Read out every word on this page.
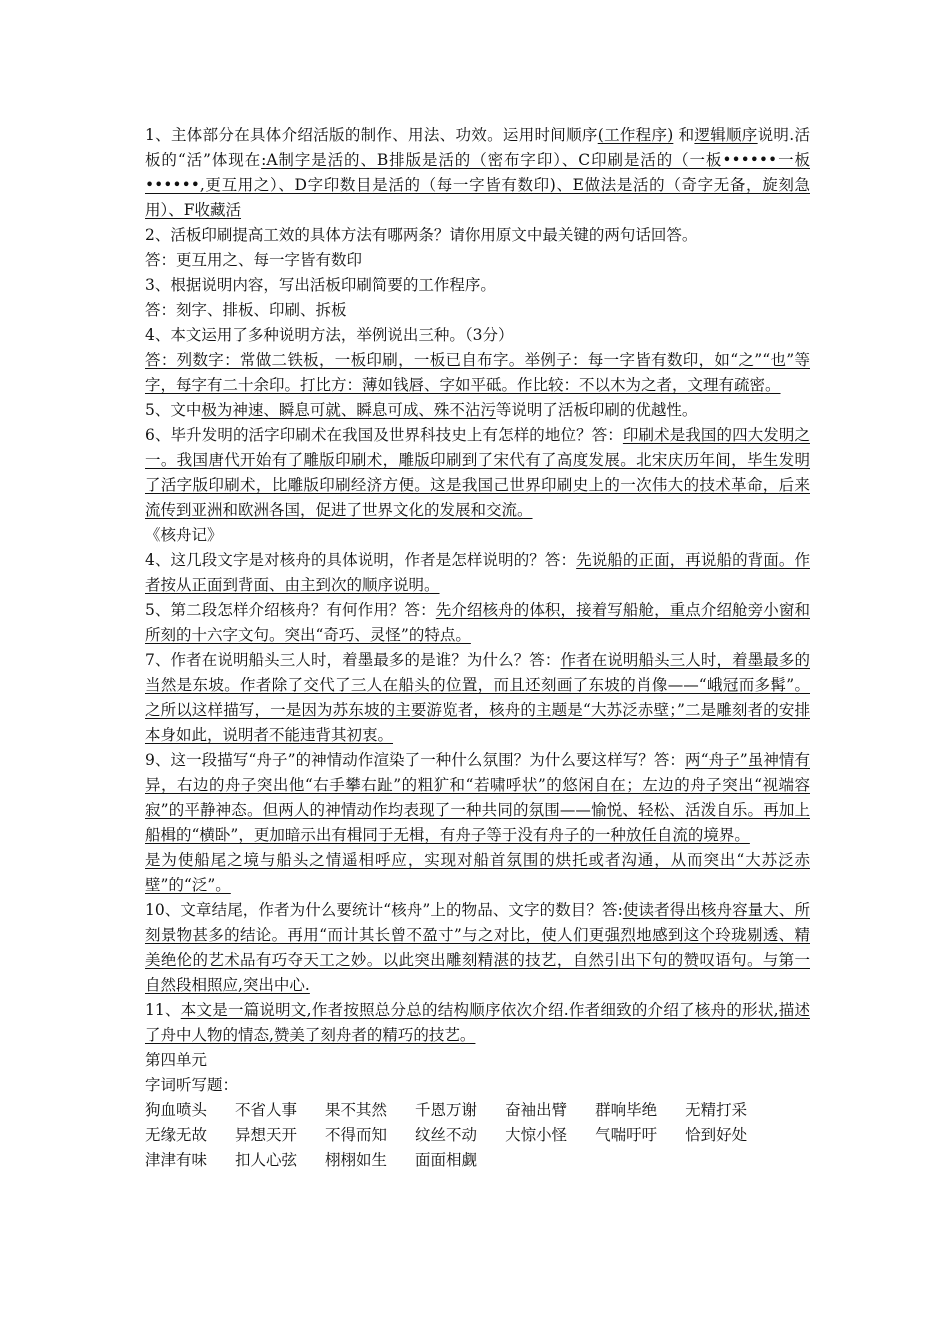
1、主体部分在具体介绍活版的制作、用法、功效。运用时间顺序(工作程序) 和逻辑顺序说明.活板的“活”体现在:A制字是活的、B排版是活的（密布字印）、C印刷是活的（一板••••••一板••••••,更互用之）、D字印数目是活的（每一字皆有数印)、E做法是活的（奇字无备，旋刻急用）、F收藏活

2、活板印刷提高工效的具体方法有哪两条？请你用原文中最关键的两句话回答。

答：更互用之、每一字皆有数印

3、根据说明内容，写出活板印刷简要的工作程序。

答：刻字、排板、印刷、拆板

4、本文运用了多种说明方法，举例说出三种。（3分）

答：列数字：常做二铁板，一板印刷，一板已自布字。举例子：每一字皆有数印，如“之”“也”等字，每字有二十余印。打比方：薄如钱唇、字如平砥。作比较：不以木为之者，文理有疏密。

5、文中极为神速、瞬息可就、瞬息可成、殊不沾污等说明了活板印刷的优越性。

6、毕升发明的活字印刷术在我国及世界科技史上有怎样的地位？答：印刷术是我国的四大发明之一。我国唐代开始有了雕版印刷术，雕版印刷到了宋代有了高度发展。北宋庆历年间，毕生发明了活字版印刷术，比雕版印刷经济方便。这是我国己世界印刷史上的一次伟大的技术革命，后来流传到亚洲和欧洲各国，促进了世界文化的发展和交流。

《核舟记》

4、这几段文字是对核舟的具体说明，作者是怎样说明的？答：先说船的正面，再说船的背面。作者按从正面到背面、由主到次的顺序说明。

5、第二段怎样介绍核舟？有何作用？答：先介绍核舟的体积，接着写船舱，重点介绍舱旁小窗和所刻的十六字文句。突出“奇巧、灵怪”的特点。

7、作者在说明船头三人时，着墨最多的是谁？为什么？答：作者在说明船头三人时，着墨最多的当然是东坡。作者除了交代了三人在船头的位置，而且还刻画了东坡的肖像——“峨冠而多髯”。之所以这样描写，一是因为苏东坡的主要游览者，核舟的主题是“大苏泛赤壁；”二是雕刻者的安排本身如此，说明者不能违背其初衷。

9、这一段描写“舟子”的神情动作渲染了一种什么氛围？为什么要这样写？答：两“舟子”虽神情有异，右边的舟子突出他“右手攀右趾”的粗犷和“若啸呼状”的悠闲自在；左边的舟子突出“视端容寂”的平静神态。但两人的神情动作均表现了一种共同的氛围——愉悦、轻松、活泼自乐。再加上船楫的“横卧”，更加暗示出有楫同于无楫，有舟子等于没有舟子的一种放任自流的境界。

是为使船尾之境与船头之情遥相呼应，实现对船首氛围的烘托或者沟通，从而突出“大苏泛赤壁”的“泛”。

10、文章结尾，作者为什么要统计“核舟”上的物品、文字的数目？答:使读者得出核舟容量大、所刻景物甚多的结论。再用“而计其长曾不盈寸”与之对比，使人们更强烈地感到这个玲珑剔透、精美绝伦的艺术品有巧夺天工之妙。以此突出雕刻精湛的技艺，自然引出下句的赞叹语句。与第一自然段相照应,突出中心.

11、本文是一篇说明文,作者按照总分总的结构顺序依次介绍.作者细致的介绍了核舟的形状,描述了舟中人物的情态,赞美了刻舟者的精巧的技艺。

第四单元

字词听写题：

狗血喷头 不省人事 果不其然 千恩万谢 奋袖出臂 群响毕绝 无精打采
无缘无故 异想天开 不得而知 纹丝不动 大惊小怪 气喘吁吁 恰到好处
津津有味 扣人心弦 栩栩如生 面面相觑
